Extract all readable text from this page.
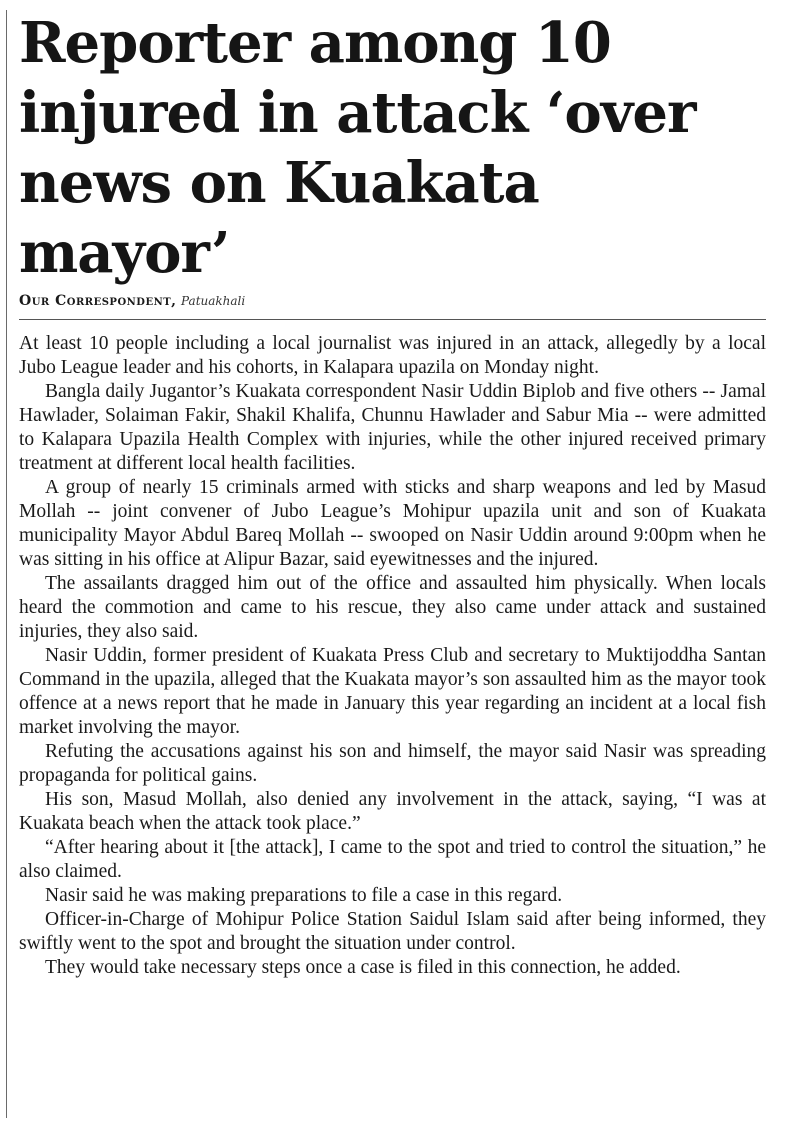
Reporter among 10
injured in attack ‘over
news on Kuakata mayor’
Our Correspondent, Patuakhali

At least 10 people including a local journalist was injured in an attack, allegedly by a local Jubo League leader and his cohorts, in Kalapara upazila on Monday night.

Bangla daily Jugantor’s Kuakata correspondent Nasir Uddin Biplob and five others -- Jamal Hawlader, Solaiman Fakir, Shakil Khalifa, Chunnu Hawlader and Sabur Mia -- were admitted to Kalapara Upazila Health Complex with injuries, while the other injured received primary treatment at different local health facilities.

A group of nearly 15 criminals armed with sticks and sharp weapons and led by Masud Mollah -- joint convener of Jubo League’s Mohipur upazila unit and son of Kuakata municipality Mayor Abdul Bareq Mollah -- swooped on Nasir Uddin around 9:00pm when he was sitting in his office at Alipur Bazar, said eyewitnesses and the injured.

The assailants dragged him out of the office and assaulted him physically. When locals heard the commotion and came to his rescue, they also came under attack and sustained injuries, they also said.

Nasir Uddin, former president of Kuakata Press Club and secretary to Muktijoddha Santan Command in the upazila, alleged that the Kuakata mayor’s son assaulted him as the mayor took offence at a news report that he made in January this year regarding an incident at a local fish market involving the mayor.

Refuting the accusations against his son and himself, the mayor said Nasir was spreading propaganda for political gains.

His son, Masud Mollah, also denied any involvement in the attack, saying, “I was at Kuakata beach when the attack took place.”

“After hearing about it [the attack], I came to the spot and tried to control the situation,” he also claimed.

Nasir said he was making preparations to file a case in this regard.

Officer-in-Charge of Mohipur Police Station Saidul Islam said after being informed, they swiftly went to the spot and brought the situation under control.

They would take necessary steps once a case is filed in this connection, he added.
